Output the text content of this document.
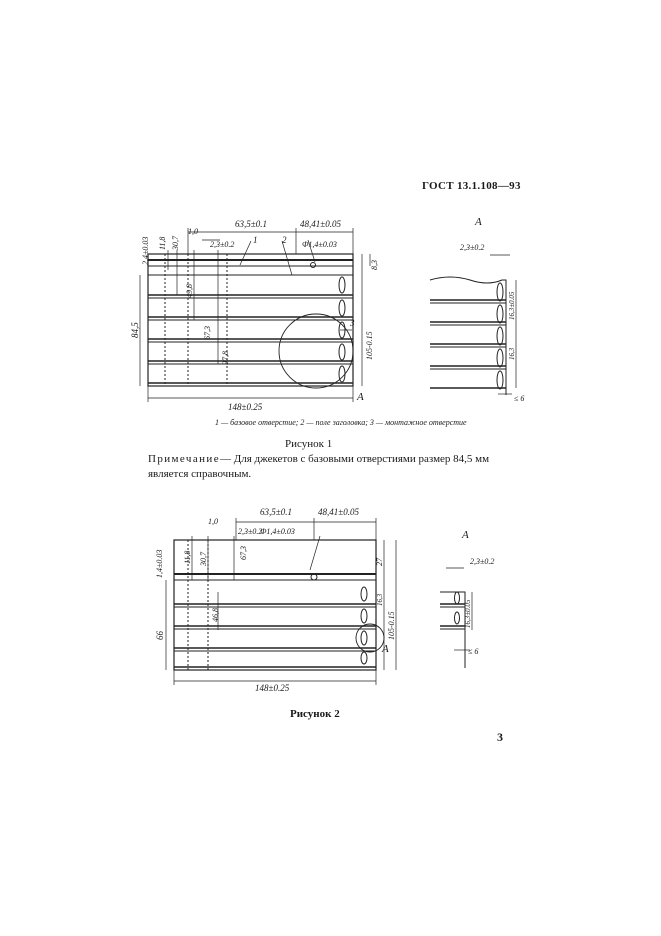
ГОСТ 13.1.108—93
2,4±0.03 11,8 30,7
49,8
67,3
97,8
84,5
105-0.15
8,3
16,3±0.05
16,3
63,5±0.1	48,41±0.05
1,0
2,3±0.2	Ф1,4±0.03
1	2
3
А
148±0.25
А
2,3±0.2
≤ 6
1 — базовое отверстие; 2 — поле заголовка; 3 — монтажное отверстие
Рисунок 1
Примечание— Для джекетов с базовыми отверстиями размер 84,5 мм является справочным.
1,4±0.03 11,8 30,7	67,3
46,8
66
27
16,3
105-0.15	16,3±0.05
63,5±0.1	48,41±0.05
1,0
2,3±0.2
Ф1,4±0.03
А
148±0.25
А
2,3±0.2
≤ 6
Рисунок 2
3
